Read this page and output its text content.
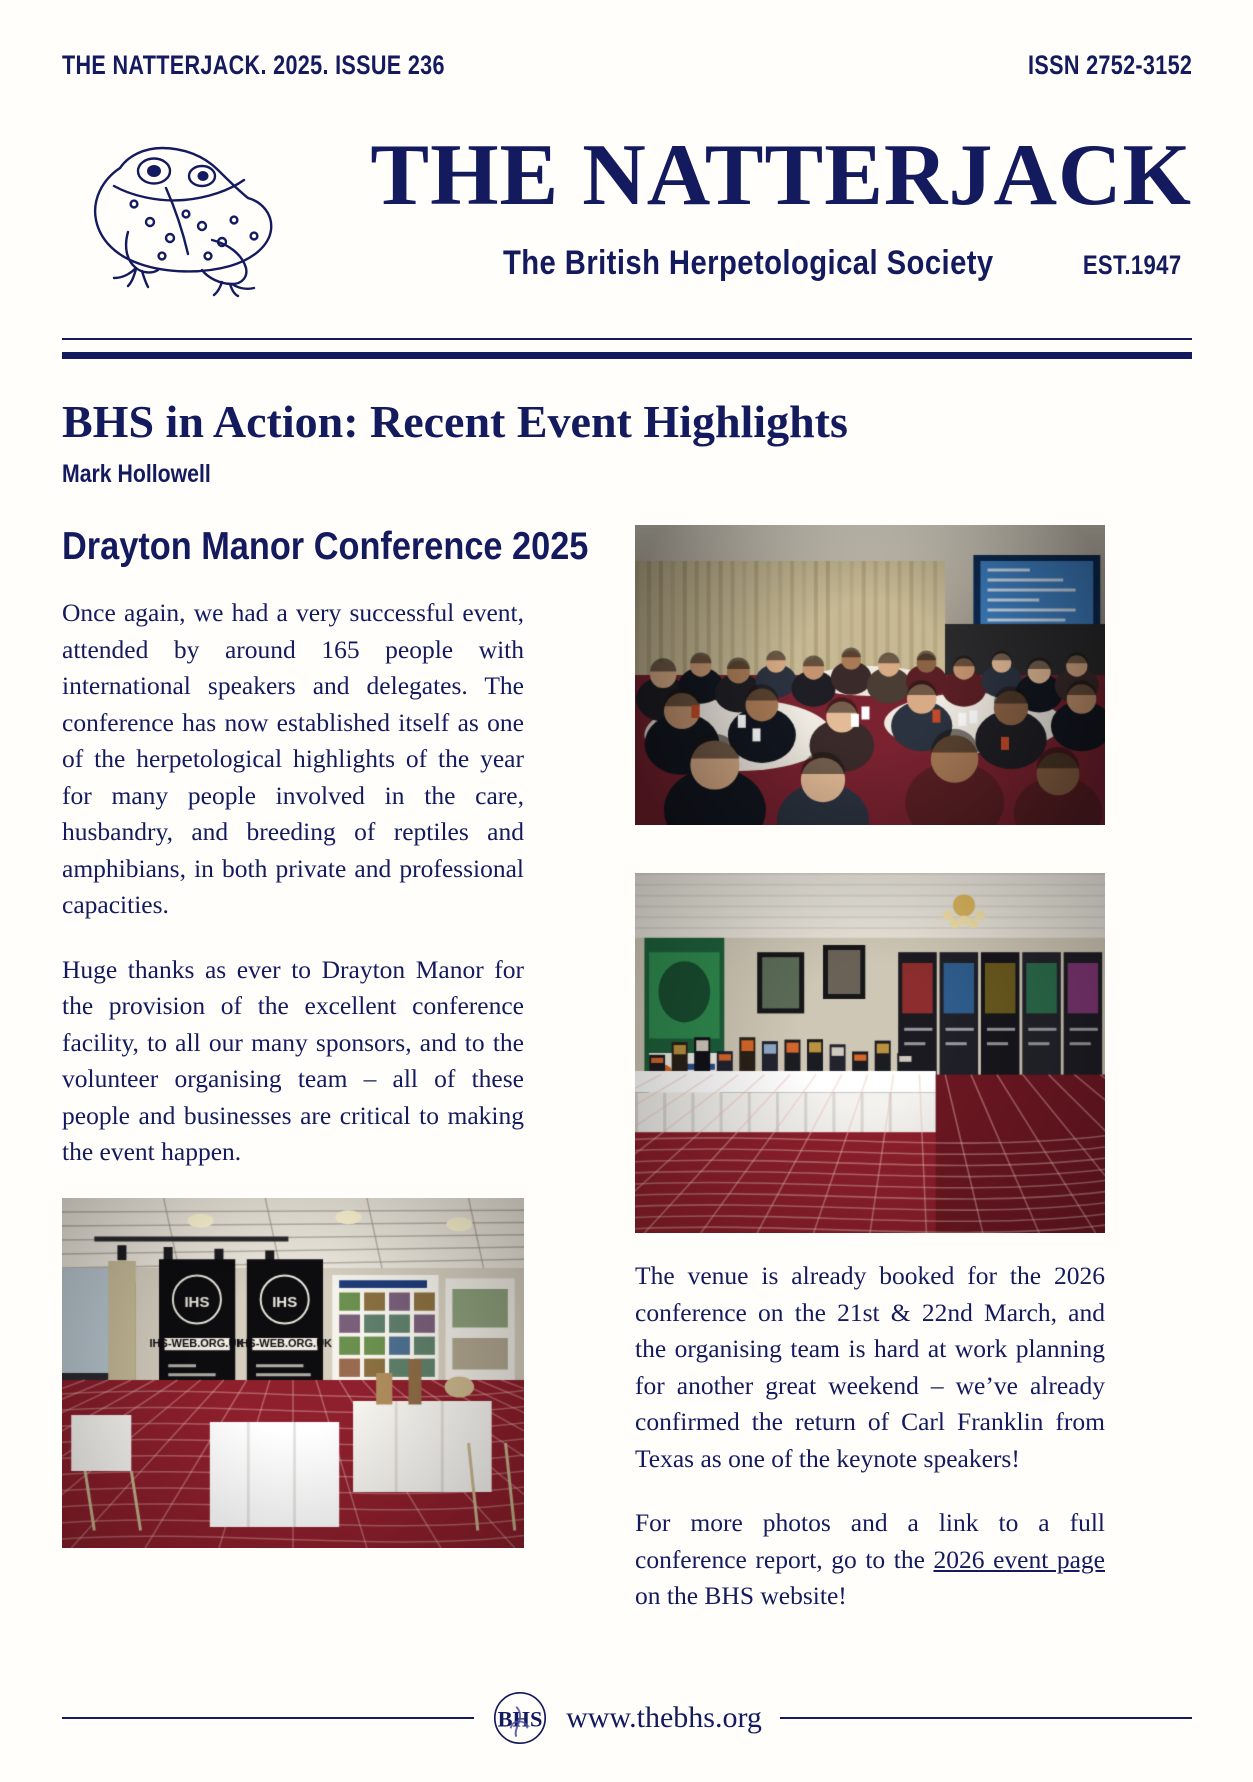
THE NATTERJACK. 2025. ISSUE 236	ISSN 2752-3152
THE NATTERJACK
The British Herpetological Society	EST.1947
BHS in Action: Recent Event Highlights
Mark Hollowell
Drayton Manor Conference 2025

Once again, we had a very successful event, attended by around 165 people with international speakers and delegates. The conference has now established itself as one of the herpetological highlights of the year for many people involved in the care, husbandry, and breeding of reptiles and amphibians, in both private and professional capacities.

Huge thanks as ever to Drayton Manor for the provision of the excellent conference facility, to all our many sponsors, and to the volunteer organising team – all of these people and businesses are critical to making the event happen.

The venue is already booked for the 2026 conference on the 21st & 22nd March, and the organising team is hard at work planning for another great weekend – we’ve already confirmed the return of Carl Franklin from Texas as one of the keynote speakers!

For more photos and a link to a full conference report, go to the 2026 event page on the BHS website!

BHS www.thebhs.org
